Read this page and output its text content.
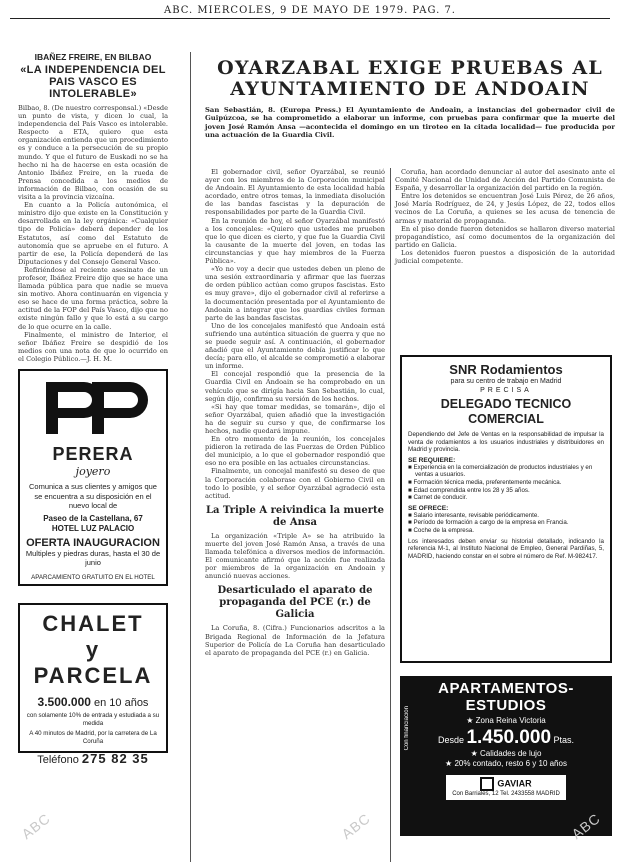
ABC. MIERCOLES, 9 DE MAYO DE 1979. PAG. 7.
IBAÑEZ FREIRE, EN BILBAO
«LA INDEPENDENCIA DEL PAIS VASCO ES INTOLERABLE»

Bilbao, 8. (De nuestro corresponsal.) «Desde un punto de vista, y dicen lo cual, la independencia del País Vasco es intolerable. Respecto a ETA, quiero que esta organización entienda que un procedimiento es y conduce a la persecución de su propio mundo. Y que el futuro de Euskadi no se ha hecho ni ha de hacerse en esta ocasión de Antonio Ibáñez Freire, en la rueda de Prensa concedida a los medios de información de Bilbao, con ocasión de su visita a la provincia vizcaína.

En cuanto a la Policía autonómica, el ministro dijo que existe en la Constitución y desarrollada en la ley orgánica: «Cualquier tipo de Policía» deberá depender de los Estatutos, así como del Estatuto de autonomía que se apruebe en el futuro. A partir de ese, la Policía dependerá de las Diputaciones y del Consejo General Vasco.

Refiriéndose al reciente asesinato de un profesor, Ibáñez Freire dijo que se hace una llamada pública para que nadie se mueva sin motivo. Ahora continuarán en vigencia y eso se hace de una forma práctica, sobre la actitud de la FOP del País Vasco, dijo que no existe ningún fallo y que lo está a su cargo de lo que ocurre en la calle.

Finalmente, el ministro de Interior, el señor Ibáñez Freire se despidió de los medios con una nota de que lo ocurrido en el Colegio Público.—J. H. M.

PERERA
joyero
Comunica a sus clientes y amigos que se encuentra a su disposición en el nuevo local de
Paseo de la Castellana, 67
HOTEL LUZ PALACIO
OFERTA INAUGURACION
Multiples y piedras duras, hasta el 30 de junio
APARCAMIENTO GRATUITO EN EL HOTEL
CHALET
y PARCELA
3.500.000 en 10 años
con solamente 10% de entrada y estudiada a su medida
A 40 minutos de Madrid, por la carretera de La Coruña
Teléfono 275 82 35
OYARZABAL EXIGE PRUEBAS AL AYUNTAMIENTO DE ANDOAIN

San Sebastián, 8. (Europa Press.) El Ayuntamiento de Andoain, a instancias del gobernador civil de Guipúzcoa, se ha comprometido a elaborar un informe, con pruebas para confirmar que la muerte del joven José Ramón Ansa —acontecida el domingo en un tiroteo en la citada localidad— fue producida por una actuación de la Guardia Civil.

El gobernador civil, señor Oyarzábal, se reunió ayer con los miembros de la Corporación municipal de Andoain. El Ayuntamiento de esta localidad había acordado, entre otros temas, la inmediata disolución de las bandas fascistas y la depuración de responsabilidades por parte de la Guardia Civil.

En la reunión de hoy, el señor Oyarzábal manifestó a los concejales: «Quiero que ustedes me prueben que lo que dicen es cierto, y que fue la Guardia Civil la causante de la muerte del joven, en todas las circunstancias y que hay miembros de la Fuerza Pública».

«Yo no voy a decir que ustedes deben un pleno de una sesión extraordinaria y afirmar que las fuerzas de orden público actúan como grupos fascistas. Esto es muy grave», dijo el gobernador civil al referirse a la documentación presentada por el Ayuntamiento de Andoain a integrar que los guardias civiles forman parte de las bandas fascistas.

Uno de los concejales manifestó que Andoain está sufriendo una auténtica situación de guerra y que no se puede seguir así. A continuación, el gobernador añadió que el Ayuntamiento debía justificar lo que decía; para ello, el alcalde se comprometió a elaborar un informe.

El concejal respondió que la presencia de la Guardia Civil en Andoain se ha comprobado en un vehículo que se dirigía hacia San Sebastián, lo cual, según dijo, confirma su versión de los hechos.

«Si hay que tomar medidas, se tomarán», dijo el señor Oyarzábal, quien añadió que la investigación ha de seguir su curso y que, de confirmarse los hechos, nadie quedará impune.

En otro momento de la reunión, los concejales pidieron la retirada de las Fuerzas de Orden Público del municipio, a lo que el gobernador respondió que eso no era posible en las actuales circunstancias.

Finalmente, un concejal manifestó su deseo de que la Corporación colaborase con el Gobierno Civil en todo lo posible, y el señor Oyarzábal agradeció esta actitud.

La Triple A reivindica la muerte de Ansa

La organización «Triple A» se ha atribuido la muerte del joven José Ramón Ansa, a través de una llamada telefónica a diversos medios de información. El comunicante afirmó que la acción fue realizada por miembros de la organización en Andoain y anunció nuevas acciones.

Desarticulado el aparato de propaganda del PCE (r.) de Galicia

La Coruña, 8. (Cifra.) Funcionarios adscritos a la Brigada Regional de Información de la Jefatura Superior de Policía de La Coruña han desarticulado el aparato de propaganda del PCE (r.) en Galicia.

Coruña, han acordado denunciar al autor del asesinato ante el Comité Nacional de Unidad de Acción del Partido Comunista de España, y desarrollar la organización del partido en la región.

Entre los detenidos se encuentran José Luis Pérez, de 26 años, José María Rodríguez, de 24, y Jesús López, de 22, todos ellos vecinos de La Coruña, a quienes se les acusa de tenencia de armas y material de propaganda.

En el piso donde fueron detenidos se hallaron diverso material propagandístico, así como documentos de la organización del partido en Galicia.

Los detenidos fueron puestos a disposición de la autoridad judicial competente.

SNR Rodamientos
para su centro de trabajo en Madrid
PRECISA
DELEGADO TECNICO
COMERCIAL

Dependiendo del Jefe de Ventas en la responsabilidad de impulsar la venta de rodamientos a los usuarios industriales y distribuidores en Madrid y provincia.

SE REQUIERE:
■ Experiencia en la comercialización de productos industriales y en ventas a usuarios.
■ Formación técnica media, preferentemente mecánica.
■ Edad comprendida entre los 28 y 35 años.
■ Carnet de conducir.
SE OFRECE:
■ Salario interesante, revisable periódicamente.
■ Período de formación a cargo de la empresa en Francia.
■ Coche de la empresa.

Los interesados deben enviar su historial detallado, indicando la referencia M-1, al Instituto Nacional de Empleo, General Pardiñas, 5, MADRID, haciendo constar en el sobre el número de Ref. M-982417.

Con financiación
APARTAMENTOS-
ESTUDIOS
★ Zona Reina Victoria
Desde 1.450.000 Ptas.
★ Calidades de lujo
★ 20% contado, resto 6 y 10 años
GAVIAR
Con Barriales, 12 Tel. 2433558 MADRID
ABC	ABC	ABC
